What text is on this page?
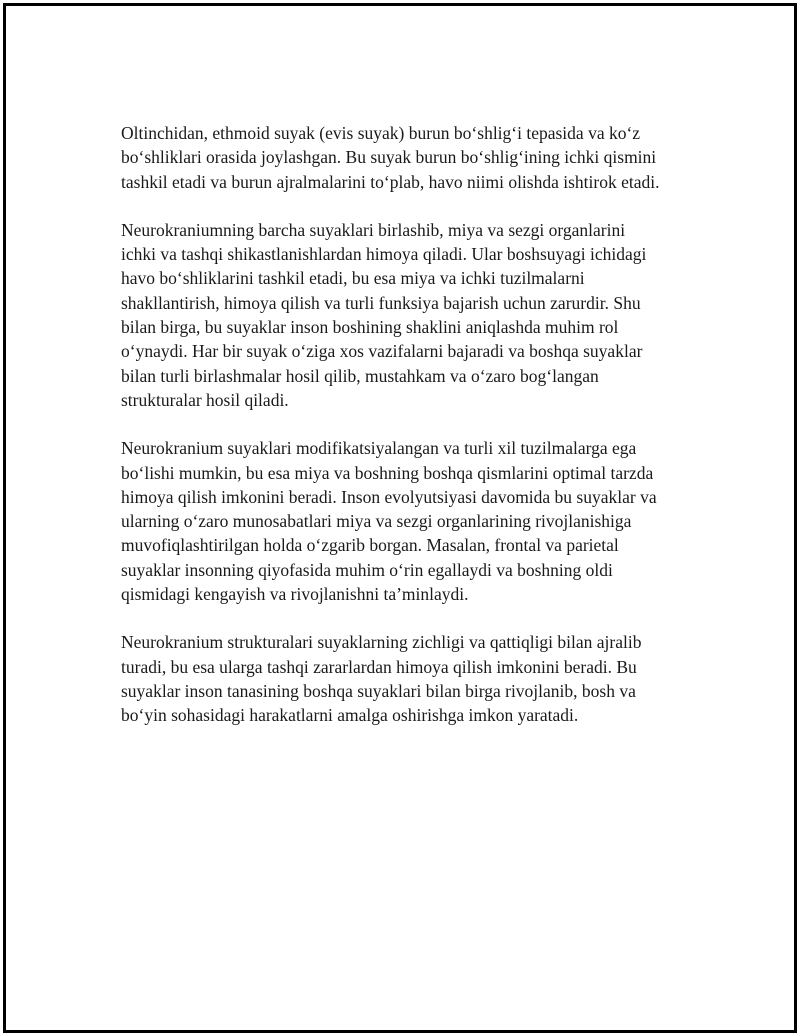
Oltinchidan, ethmoid suyak (evis suyak) burun bo‘shlig‘i tepasida va ko‘z
bo‘shliklari orasida joylashgan. Bu suyak burun bo‘shlig‘ining ichki qismini
tashkil etadi va burun ajralmalarini to‘plab, havo niimi olishda ishtirok etadi.

Neurokraniumning barcha suyaklari birlashib, miya va sezgi organlarini
ichki va tashqi shikastlanishlardan himoya qiladi. Ular boshsuyagi ichidagi
havo bo‘shliklarini tashkil etadi, bu esa miya va ichki tuzilmalarni
shakllantirish, himoya qilish va turli funksiya bajarish uchun zarurdir. Shu
bilan birga, bu suyaklar inson boshining shaklini aniqlashda muhim rol
o‘ynaydi. Har bir suyak o‘ziga xos vazifalarni bajaradi va boshqa suyaklar
bilan turli birlashmalar hosil qilib, mustahkam va o‘zaro bog‘langan
strukturalar hosil qiladi.

Neurokranium suyaklari modifikatsiyalangan va turli xil tuzilmalarga ega
bo‘lishi mumkin, bu esa miya va boshning boshqa qismlarini optimal tarzda
himoya qilish imkonini beradi. Inson evolyutsiyasi davomida bu suyaklar va
ularning o‘zaro munosabatlari miya va sezgi organlarining rivojlanishiga
muvofiqlashtirilgan holda o‘zgarib borgan. Masalan, frontal va parietal
suyaklar insonning qiyofasida muhim o‘rin egallaydi va boshning oldi
qismidagi kengayish va rivojlanishni ta’minlaydi.

Neurokranium strukturalari suyaklarning zichligi va qattiqligi bilan ajralib
turadi, bu esa ularga tashqi zararlardan himoya qilish imkonini beradi. Bu
suyaklar inson tanasining boshqa suyaklari bilan birga rivojlanib, bosh va
bo‘yin sohasidagi harakatlarni amalga oshirishga imkon yaratadi.
